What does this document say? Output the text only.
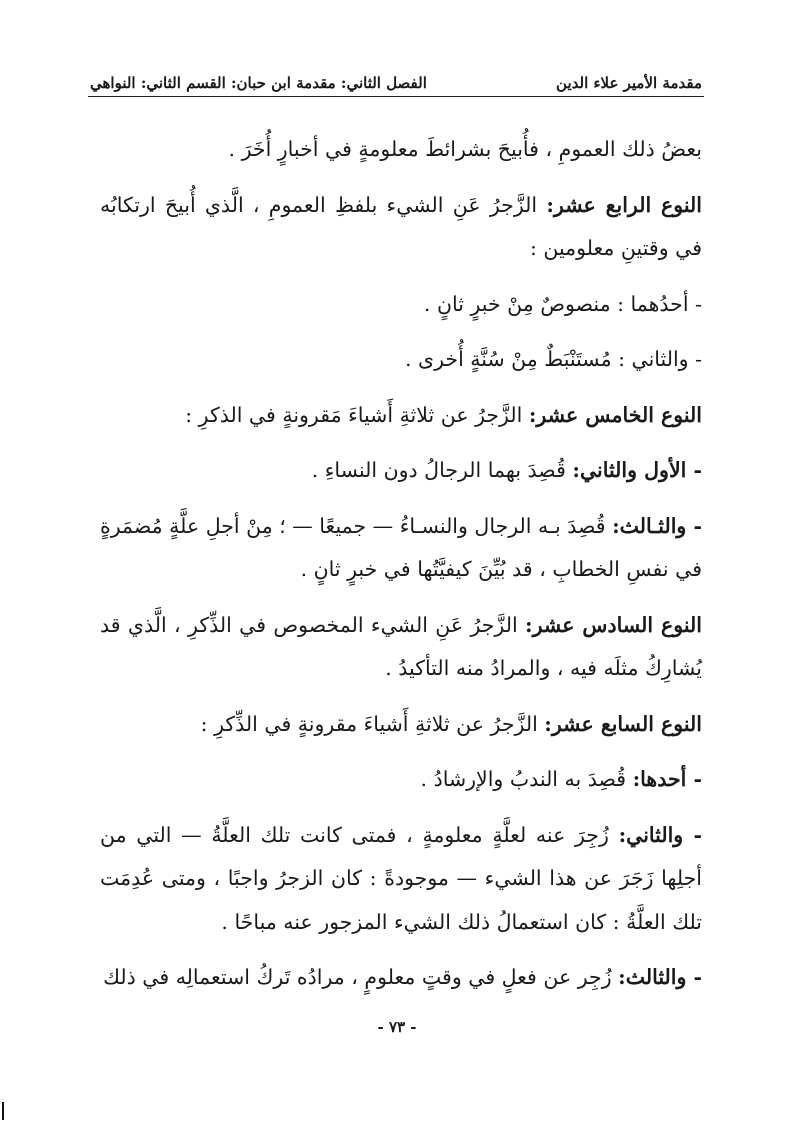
مقدمة الأمير علاء الدين
الفصل الثاني: مقدمة ابن حبان: القسم الثاني: النواهي

بعضُ ذلك العمومِ ، فأُبيحَ بشرائطَ معلومةٍ في أخبارٍ أُخَرَ .

النوع الرابع عشر: الزَّجرُ عَنِ الشيء بلفظِ العمومِ ، الَّذي أُبيحَ ارتكابُه في وقتينِ معلومين :

- أحدُهما : منصوصٌ مِنْ خبرٍ ثانٍ .

- والثاني : مُستَنْبَطٌ مِنْ سُنَّةٍ أُخرى .

النوع الخامس عشر: الزَّجرُ عن ثلاثةِ أَشياءَ مَقرونةٍ في الذكرِ :

- الأول والثاني: قُصِدَ بهما الرجالُ دون النساءِ .

- والثـالث: قُصِدَ بـه الرجال والنسـاءُ — جميعًا — ؛ مِنْ أجلِ علَّةٍ مُضمَرةٍ في نفسِ الخطابِ ، قد بُيِّنَ كيفيَّتُها في خبرٍ ثانٍ .

النوع السادس عشر: الزَّجرُ عَنِ الشيء المخصوص في الذِّكرِ ، الَّذي قد يُشارِكُ مثلَه فيه ، والمرادُ منه التأكيدُ .

النوع السابع عشر: الزَّجرُ عن ثلاثةِ أَشياءَ مقرونةٍ في الذِّكرِ :

- أحدها: قُصِدَ به الندبُ والإرشادُ .

- والثاني: زُجِرَ عنه لعلَّةٍ معلومةٍ ، فمتى كانت تلك العلَّةُ — التي من أجلِها زَجَرَ عن هذا الشيء — موجودةً : كان الزجرُ واجبًا ، ومتى عُدِمَت تلك العلَّةُ : كان استعمالُ ذلك الشيء المزجور عنه مباحًا .

- والثالث: زُجِر عن فعلٍ في وقتٍ معلومٍ ، مرادُه تَركُ استعمالِه في ذلك

- ٧٣ -
